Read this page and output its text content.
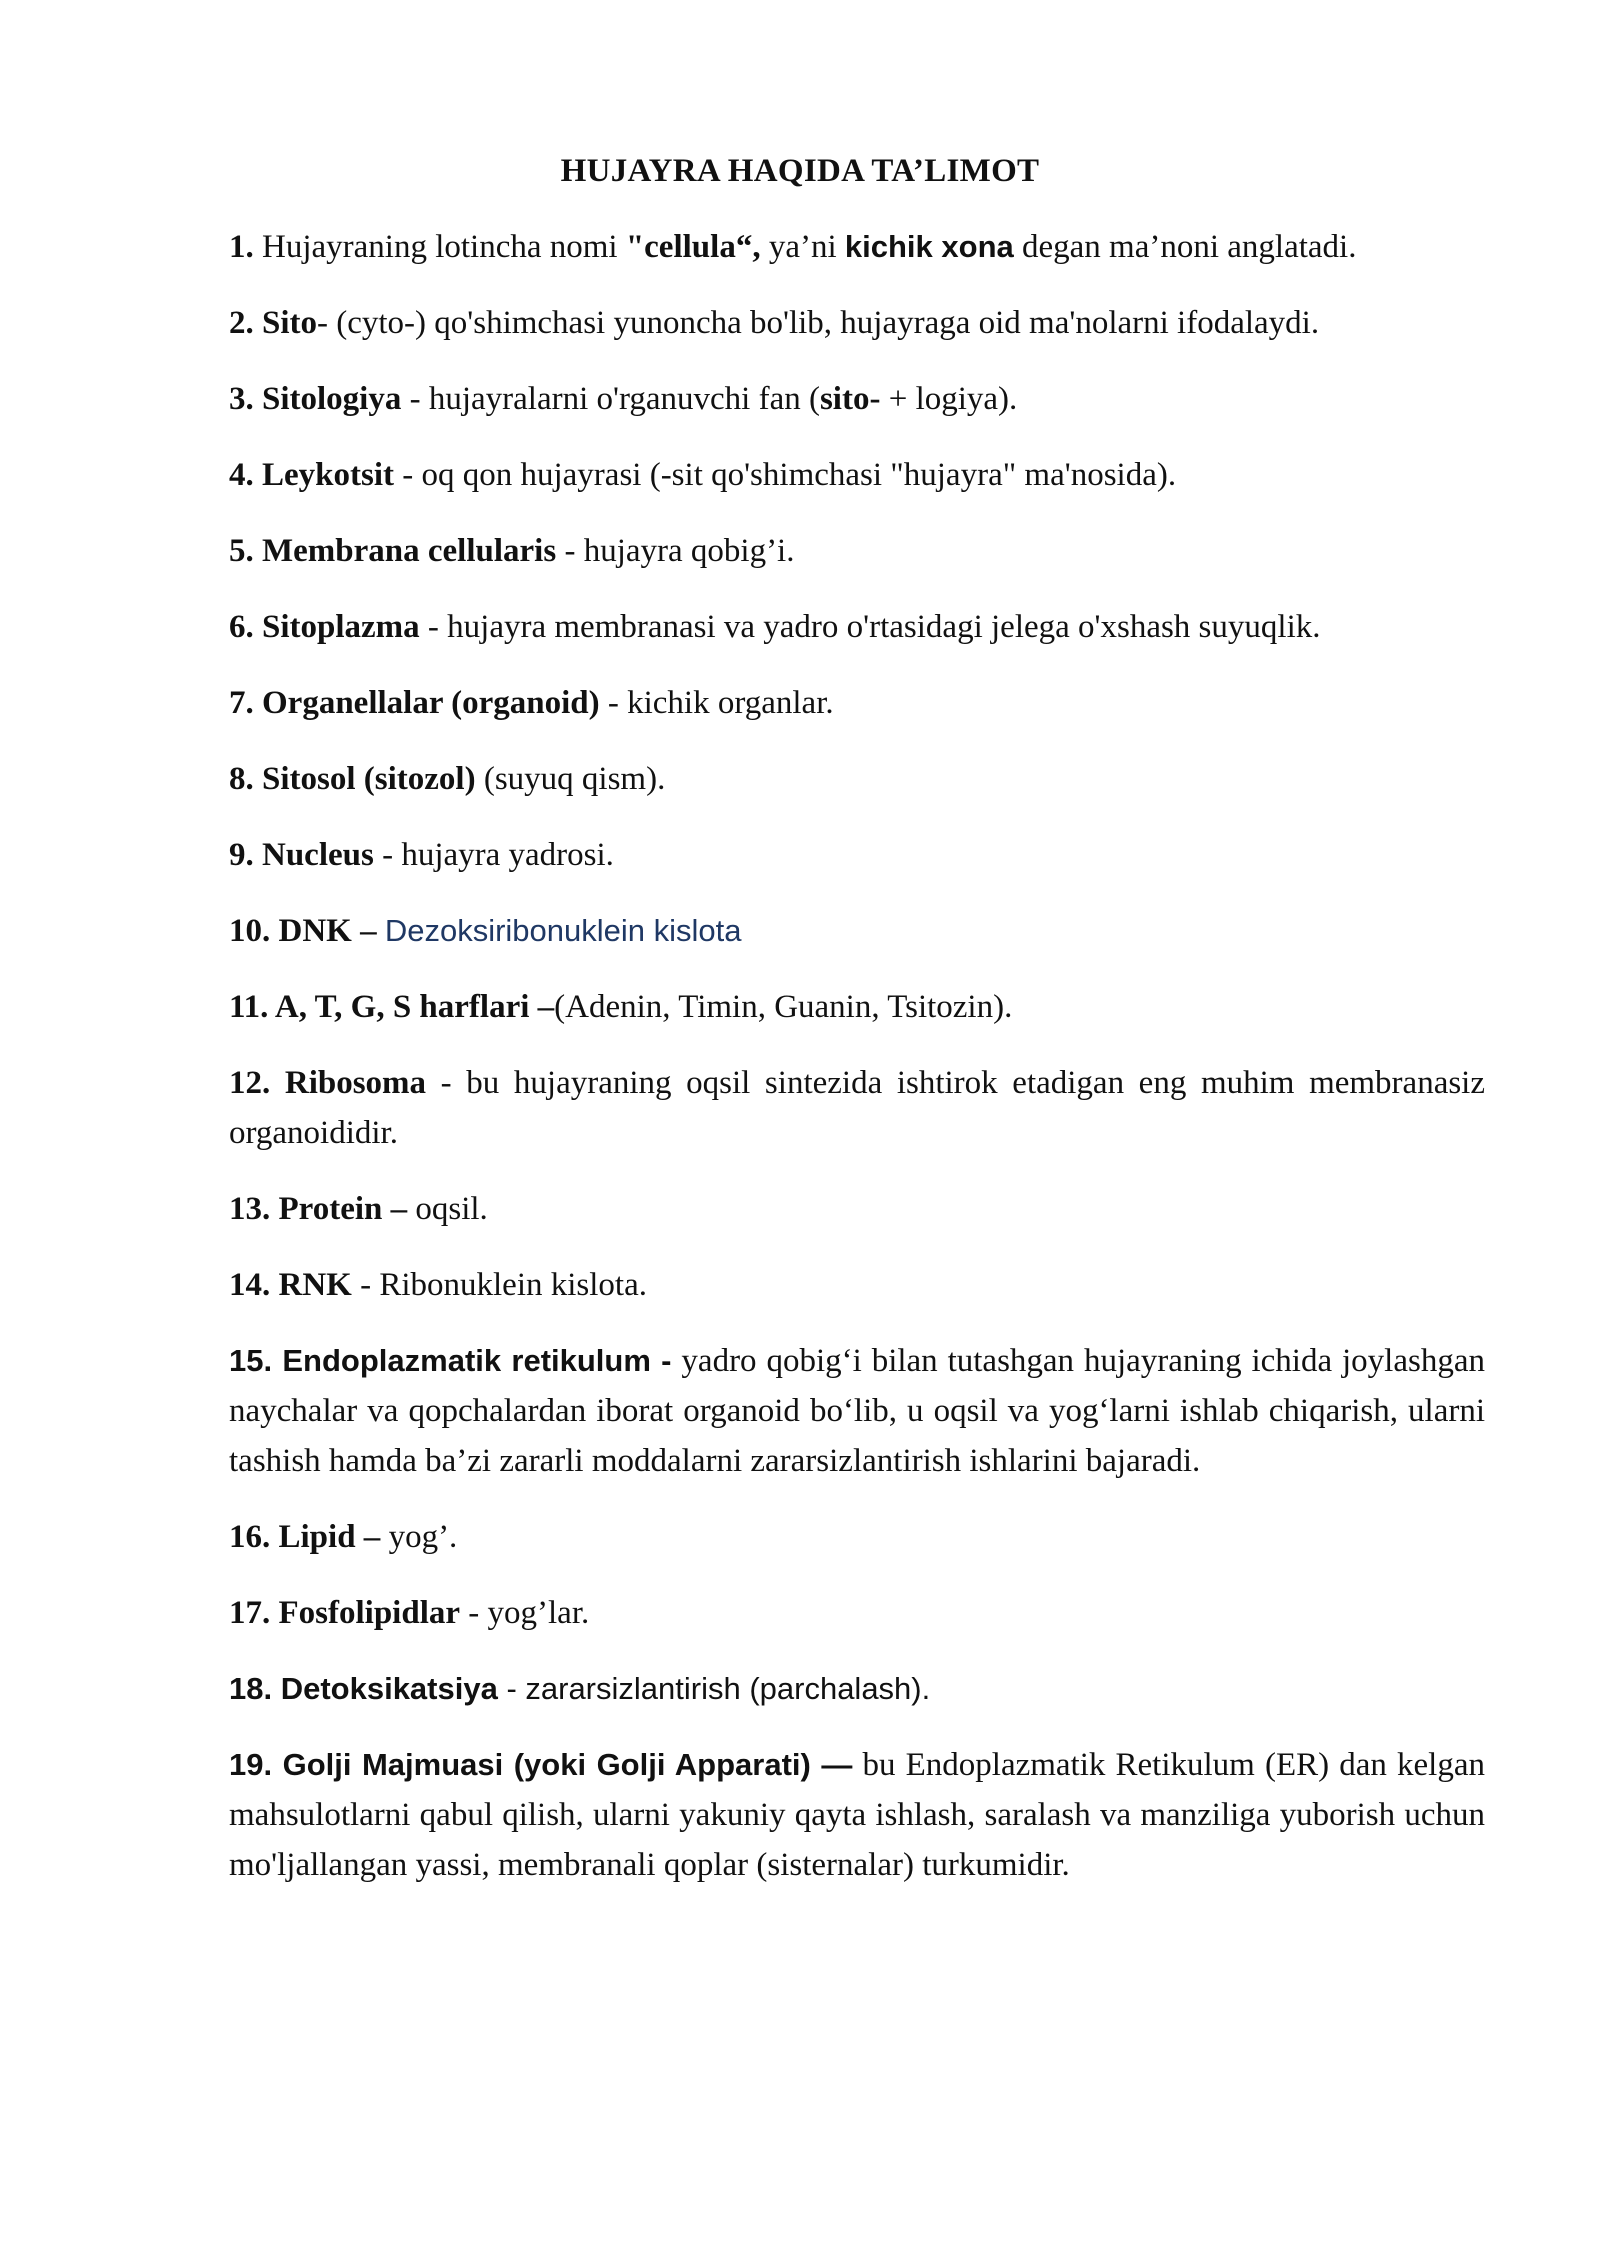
HUJAYRA HAQIDA TA’LIMOT

1. Hujayraning lotincha nomi "cellula“, ya’ni kichik xona degan ma’noni anglatadi.

2. Sito- (cyto-) qo'shimchasi yunoncha bo'lib, hujayraga oid ma'nolarni ifodalaydi.

3. Sitologiya - hujayralarni o'rganuvchi fan (sito- + logiya).

4. Leykotsit - oq qon hujayrasi (-sit qo'shimchasi "hujayra" ma'nosida).

5. Membrana cellularis - hujayra qobig’i.

6. Sitoplazma - hujayra membranasi va yadro o'rtasidagi jelega o'xshash suyuqlik.

7. Organellalar (organoid) - kichik organlar.

8. Sitosol (sitozol) (suyuq qism).

9. Nucleus - hujayra yadrosi.

10. DNK – Dezoksiribonuklein kislota

11. A, T, G, S harflari –(Adenin, Timin, Guanin, Tsitozin).

12. Ribosoma - bu hujayraning oqsil sintezida ishtirok etadigan eng muhim membranasiz organoididir.

13. Protein – oqsil.

14. RNK - Ribonuklein kislota.

15. Endoplazmatik retikulum - yadro qobig‘i bilan tutashgan hujayraning ichida joylashgan naychalar va qopchalardan iborat organoid bo‘lib, u oqsil va yog‘larni ishlab chiqarish, ularni tashish hamda ba’zi zararli moddalarni zararsizlantirish ishlarini bajaradi.

16. Lipid – yog’.

17. Fosfolipidlar - yog’lar.

18. Detoksikatsiya - zararsizlantirish (parchalash).

19. Golji Majmuasi (yoki Golji Apparati) — bu Endoplazmatik Retikulum (ER) dan kelgan mahsulotlarni qabul qilish, ularni yakuniy qayta ishlash, saralash va manziliga yuborish uchun mo'ljallangan yassi, membranali qoplar (sisternalar) turkumidir.
